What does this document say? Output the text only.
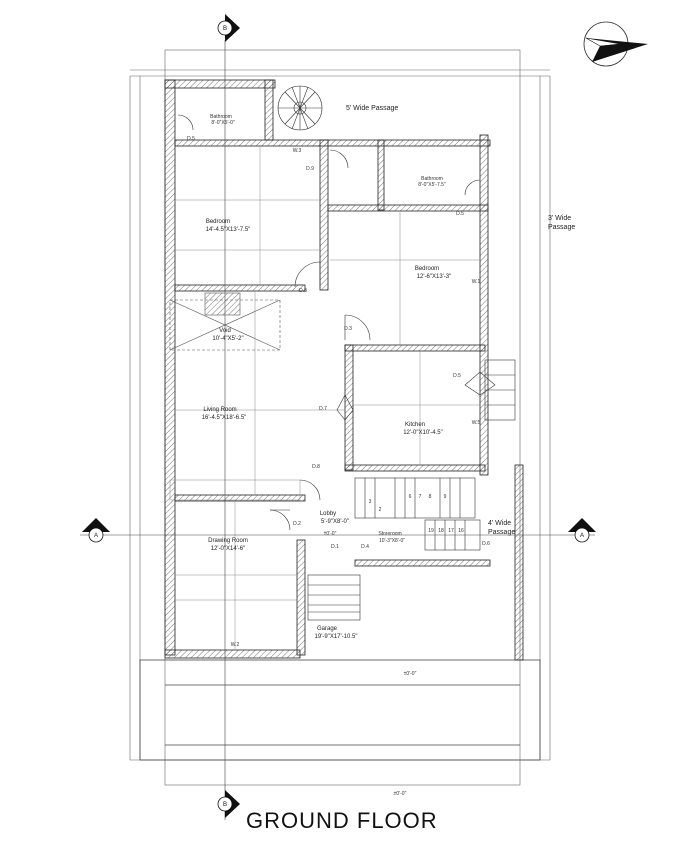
B
B
A	A
5' Wide Passage
3' Wide
Passage
4' Wide
Passage
Bedroom
14'-4.5"X13'-7.5"
Bedroom
12'-6"X13'-3"
Void
10'-4"X5'-2"
Living Room
16'-4.5"X18'-6.5"
Kitchen
12'-0"X10'-4.5"
Lobby
5'-9"X8'-0"
Drawing Room
12'-0"X14'-6"
Storeroom
10'-3"X8'-0"
Garage
19'-9"X17'-10.5"
Bathroom
8'-0"X5'-0"
Bathroom
8'-0"X5'-7.5"
D.1
D.2
D.3
D.4
D.5
D.6
D.7
D.8
D.9
D.3
D.5
D.5
W.1
W.2
W.3
W.5
±0'-0"
±0'-0"
±0'-0"
3
2
6 7 8 9
19 18 17 16
GROUND FLOOR
